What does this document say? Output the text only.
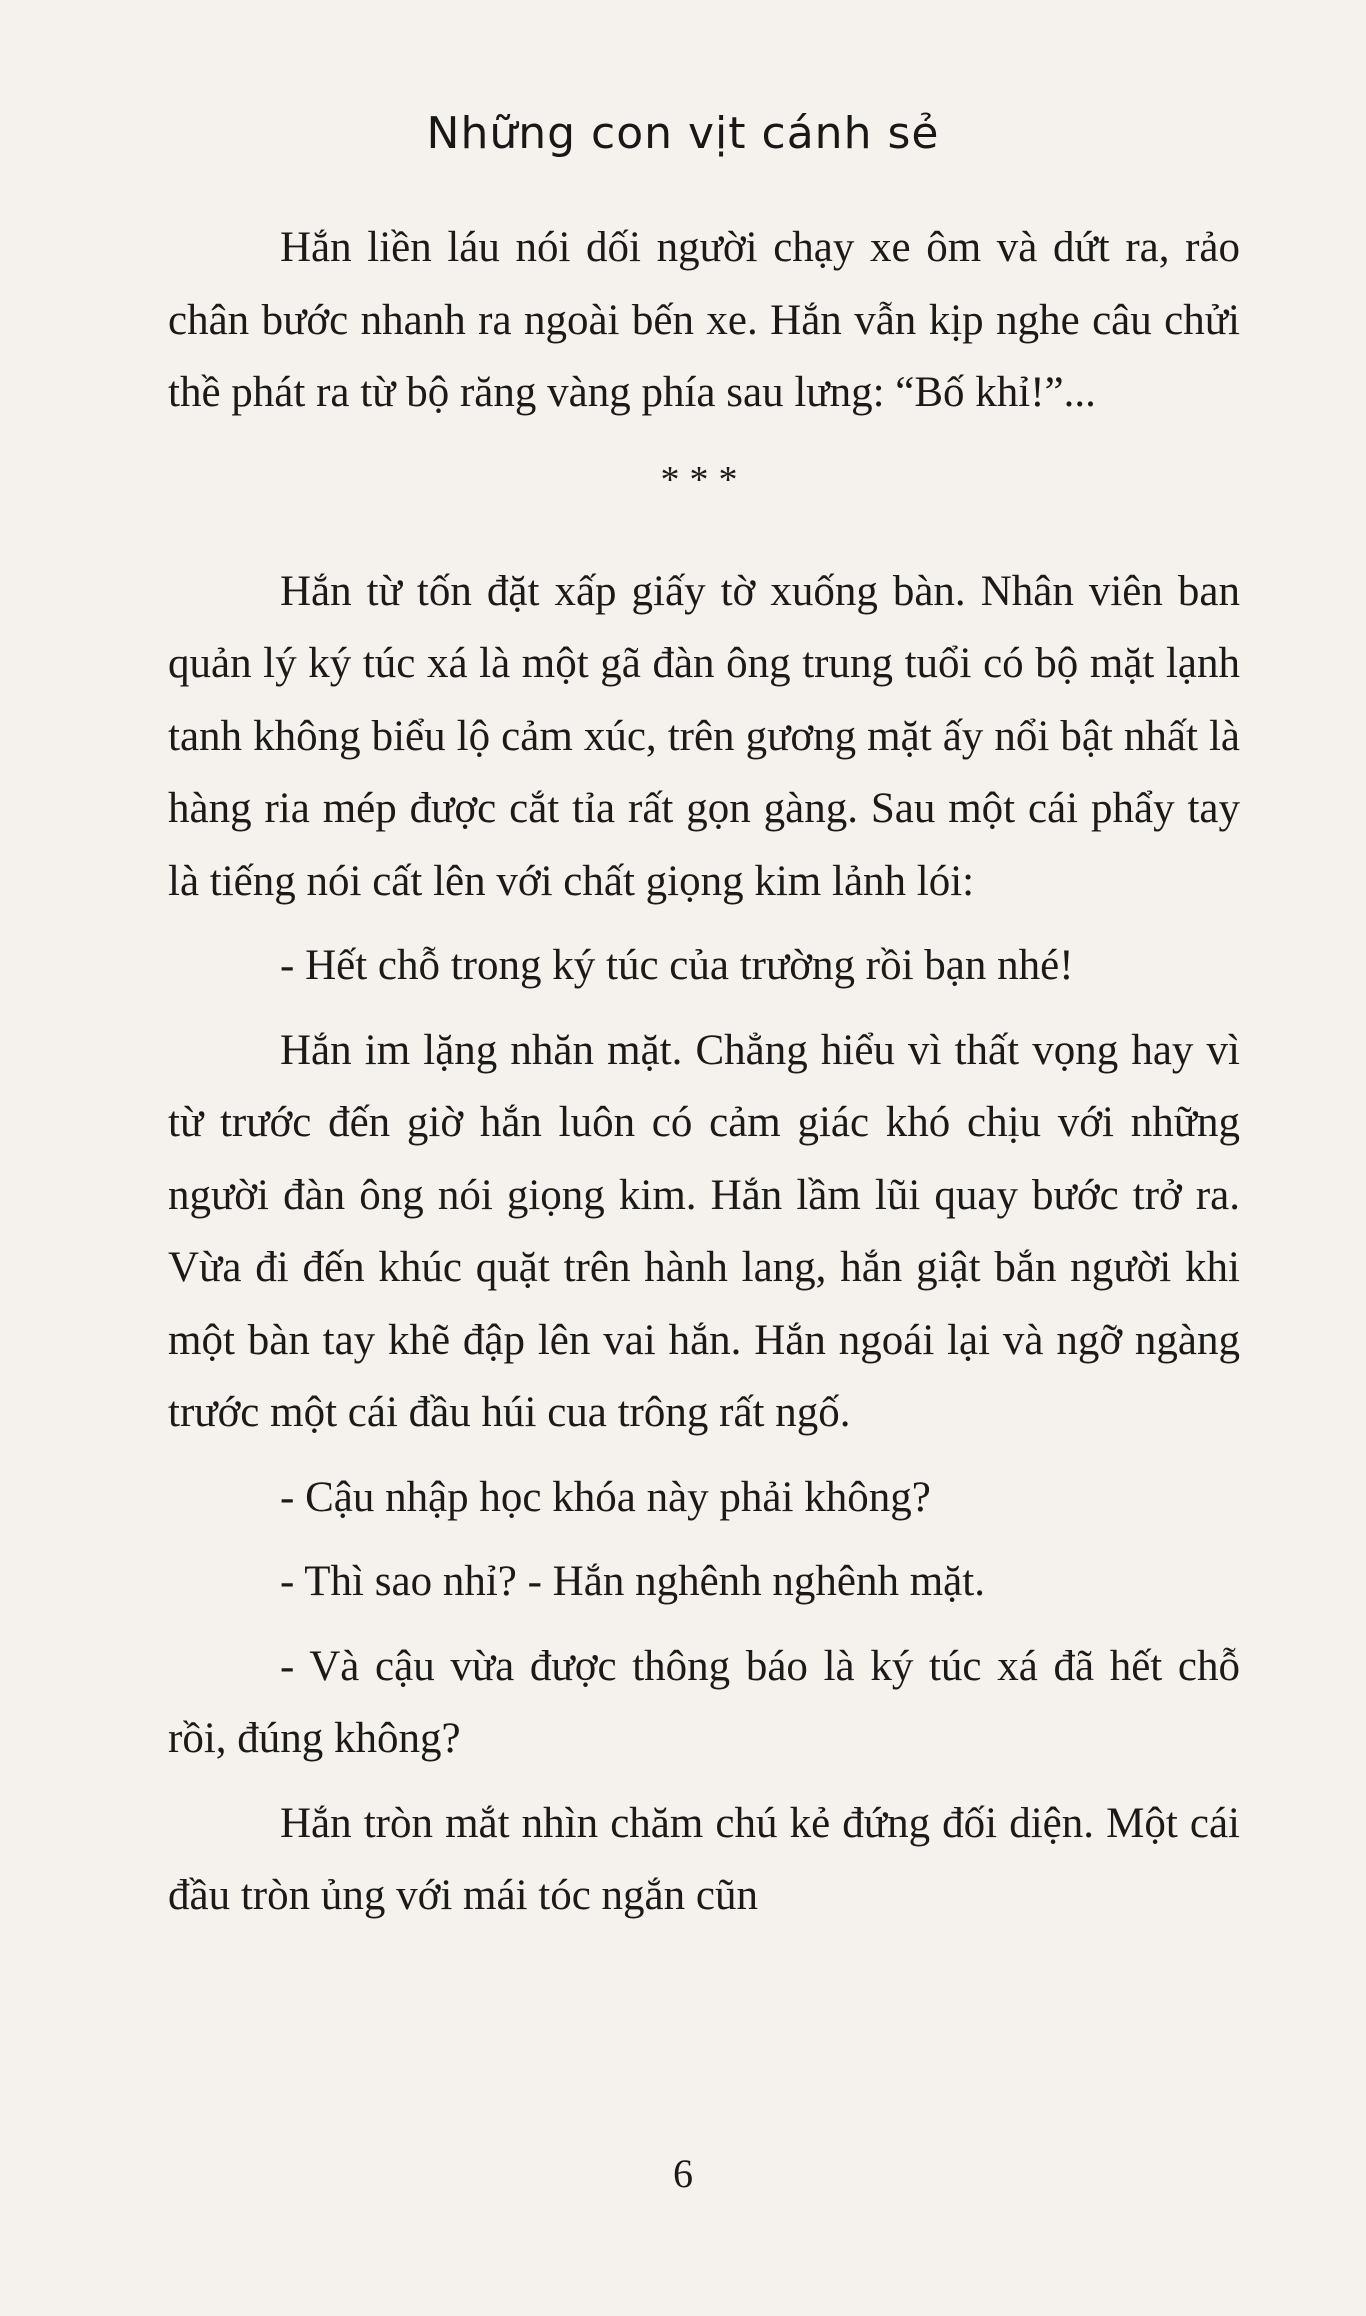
Những con vịt cánh sẻ

Hắn liền láu nói dối người chạy xe ôm và dứt ra, rảo chân bước nhanh ra ngoài bến xe. Hắn vẫn kịp nghe câu chửi thề phát ra từ bộ răng vàng phía sau lưng: “Bố khỉ!”...

***

Hắn từ tốn đặt xấp giấy tờ xuống bàn. Nhân viên ban quản lý ký túc xá là một gã đàn ông trung tuổi có bộ mặt lạnh tanh không biểu lộ cảm xúc, trên gương mặt ấy nổi bật nhất là hàng ria mép được cắt tỉa rất gọn gàng. Sau một cái phẩy tay là tiếng nói cất lên với chất giọng kim lảnh lói:

- Hết chỗ trong ký túc của trường rồi bạn nhé!

Hắn im lặng nhăn mặt. Chẳng hiểu vì thất vọng hay vì từ trước đến giờ hắn luôn có cảm giác khó chịu với những người đàn ông nói giọng kim. Hắn lầm lũi quay bước trở ra. Vừa đi đến khúc quặt trên hành lang, hắn giật bắn người khi một bàn tay khẽ đập lên vai hắn. Hắn ngoái lại và ngỡ ngàng trước một cái đầu húi cua trông rất ngố.

- Cậu nhập học khóa này phải không?

- Thì sao nhỉ? - Hắn nghênh nghênh mặt.

- Và cậu vừa được thông báo là ký túc xá đã hết chỗ rồi, đúng không?

Hắn tròn mắt nhìn chăm chú kẻ đứng đối diện. Một cái đầu tròn ủng với mái tóc ngắn cũn

6
